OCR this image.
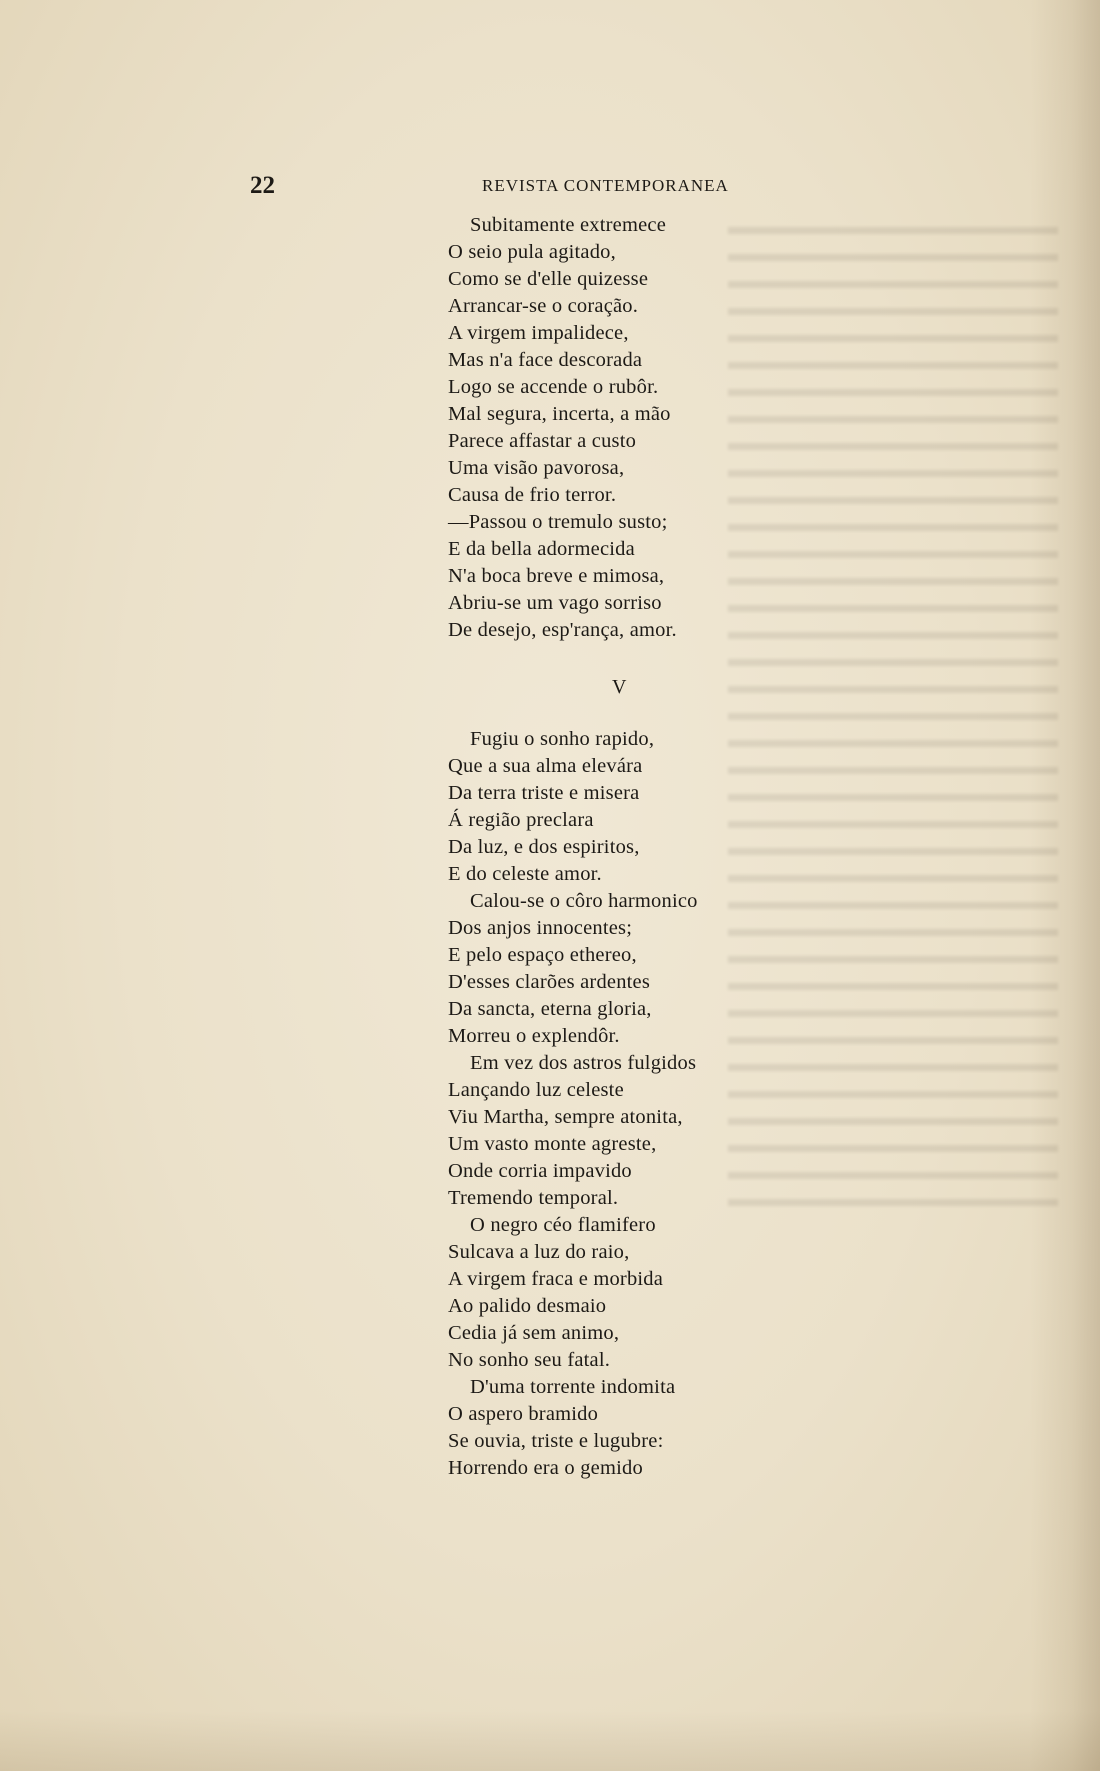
22	REVISTA CONTEMPORANEA
Subitamente extremece
O seio pula agitado,
Como se d'elle quizesse
Arrancar-se o coração.
A virgem impalidece,
Mas n'a face descorada
Logo se accende o rubôr.
Mal segura, incerta, a mão
Parece affastar a custo
Uma visão pavorosa,
Causa de frio terror.
—Passou o tremulo susto;
E da bella adormecida
N'a boca breve e mimosa,
Abriu-se um vago sorriso
De desejo, esp'rança, amor.
V
Fugiu o sonho rapido,
Que a sua alma elevára
Da terra triste e misera
Á região preclara
Da luz, e dos espiritos,
E do celeste amor.
Calou-se o côro harmonico
Dos anjos innocentes;
E pelo espaço ethereo,
D'esses clarões ardentes
Da sancta, eterna gloria,
Morreu o explendôr.
Em vez dos astros fulgidos
Lançando luz celeste
Viu Martha, sempre atonita,
Um vasto monte agreste,
Onde corria impavido
Tremendo temporal.
O negro céo flamifero
Sulcava a luz do raio,
A virgem fraca e morbida
Ao palido desmaio
Cedia já sem animo,
No sonho seu fatal.
D'uma torrente indomita
O aspero bramido
Se ouvia, triste e lugubre:
Horrendo era o gemido
